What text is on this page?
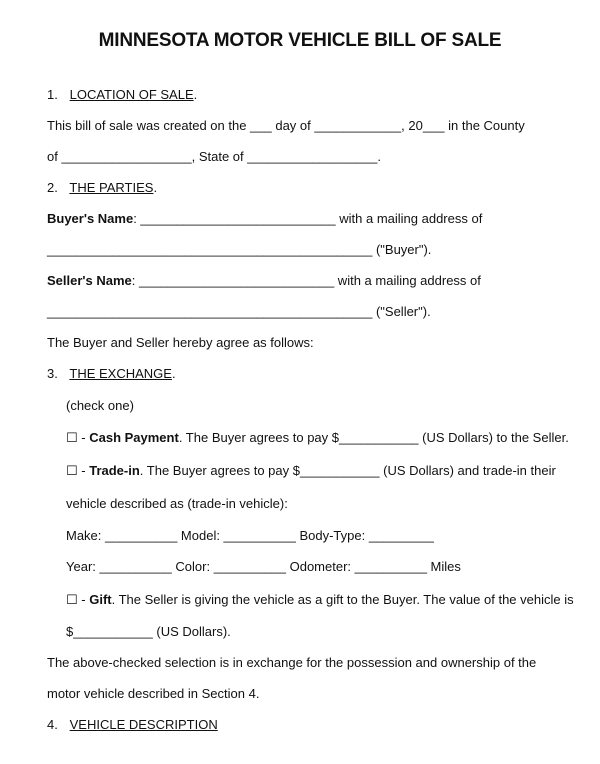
MINNESOTA MOTOR VEHICLE BILL OF SALE
1. LOCATION OF SALE.
This bill of sale was created on the ___ day of ____________, 20___ in the County
of __________________, State of __________________.
2. THE PARTIES.
Buyer's Name: ___________________________ with a mailing address of
_____________________________________________ ("Buyer").
Seller's Name: ___________________________ with a mailing address of
_____________________________________________ ("Seller").
The Buyer and Seller hereby agree as follows:
3. THE EXCHANGE.
(check one)
☐ - Cash Payment. The Buyer agrees to pay $___________ (US Dollars) to the Seller.
☐ - Trade-in. The Buyer agrees to pay $___________ (US Dollars) and trade-in their
vehicle described as (trade-in vehicle):
Make: __________ Model: __________ Body-Type: _________
Year: __________ Color: __________ Odometer: __________ Miles
☐ - Gift. The Seller is giving the vehicle as a gift to the Buyer. The value of the vehicle is
$___________ (US Dollars).
The above-checked selection is in exchange for the possession and ownership of the
motor vehicle described in Section 4.
4. VEHICLE DESCRIPTION
